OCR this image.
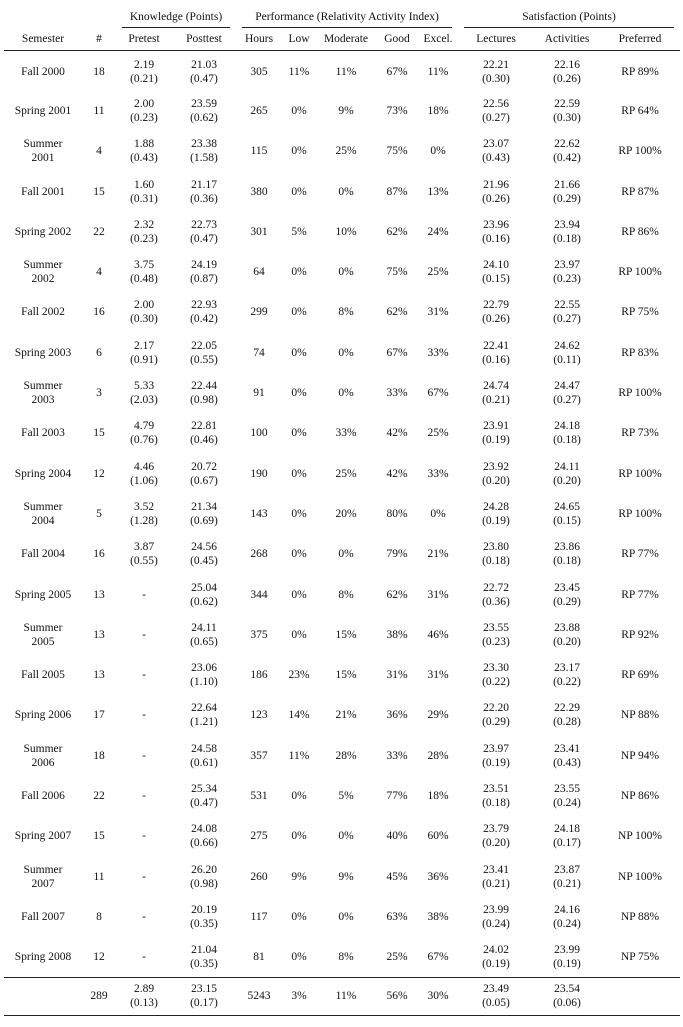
		Knowledge (Points)		Performance (Relativity Activity Index)					Satisfaction (Points)		

Semester	#	Pretest	Posttest	Hours	Low	Moderate	Good	Excel.	Lectures	Activities	Preferred
Fall 2000	18	2.19
(0.21)	21.03
(0.47)	305	11%	11%	67%	11%	22.21
(0.30)	22.16
(0.26)	RP 89%
Spring 2001	11	2.00
(0.23)	23.59
(0.62)	265	0%	9%	73%	18%	22.56
(0.27)	22.59
(0.30)	RP 64%
Summer
2001	4	1.88
(0.43)	23.38
(1.58)	115	0%	25%	75%	0%	23.07
(0.43)	22.62
(0.42)	RP 100%
Fall 2001	15	1.60
(0.31)	21.17
(0.36)	380	0%	0%	87%	13%	21.96
(0.26)	21.66
(0.29)	RP 87%
Spring 2002	22	2.32
(0.23)	22.73
(0.47)	301	5%	10%	62%	24%	23.96
(0.16)	23.94
(0.18)	RP 86%
Summer
2002	4	3.75
(0.48)	24.19
(0.87)	64	0%	0%	75%	25%	24.10
(0.15)	23.97
(0.23)	RP 100%
Fall 2002	16	2.00
(0.30)	22.93
(0.42)	299	0%	8%	62%	31%	22.79
(0.26)	22.55
(0.27)	RP 75%
Spring 2003	6	2.17
(0.91)	22.05
(0.55)	74	0%	0%	67%	33%	22.41
(0.16)	24.62
(0.11)	RP 83%
Summer
2003	3	5.33
(2.03)	22.44
(0.98)	91	0%	0%	33%	67%	24.74
(0.21)	24.47
(0.27)	RP 100%
Fall 2003	15	4.79
(0.76)	22.81
(0.46)	100	0%	33%	42%	25%	23.91
(0.19)	24.18
(0.18)	RP 73%
Spring 2004	12	4.46
(1.06)	20.72
(0.67)	190	0%	25%	42%	33%	23.92
(0.20)	24.11
(0.20)	RP 100%
Summer
2004	5	3.52
(1.28)	21.34
(0.69)	143	0%	20%	80%	0%	24.28
(0.19)	24.65
(0.15)	RP 100%
Fall 2004	16	3.87
(0.55)	24.56
(0.45)	268	0%	0%	79%	21%	23.80
(0.18)	23.86
(0.18)	RP 77%
Spring 2005	13	-	25.04
(0.62)	344	0%	8%	62%	31%	22.72
(0.36)	23.45
(0.29)	RP 77%
Summer
2005	13	-	24.11
(0.65)	375	0%	15%	38%	46%	23.55
(0.23)	23.88
(0.20)	RP 92%
Fall 2005	13	-	23.06
(1.10)	186	23%	15%	31%	31%	23.30
(0.22)	23.17
(0.22)	RP 69%
Spring 2006	17	-	22.64
(1.21)	123	14%	21%	36%	29%	22.20
(0.29)	22.29
(0.28)	NP 88%
Summer
2006	18	-	24.58
(0.61)	357	11%	28%	33%	28%	23.97
(0.19)	23.41
(0.43)	NP 94%
Fall 2006	22	-	25.34
(0.47)	531	0%	5%	77%	18%	23.51
(0.18)	23.55
(0.24)	NP 86%
Spring 2007	15	-	24.08
(0.66)	275	0%	0%	40%	60%	23.79
(0.20)	24.18
(0.17)	NP 100%
Summer
2007	11	-	26.20
(0.98)	260	9%	9%	45%	36%	23.41
(0.21)	23.87
(0.21)	NP 100%
Fall 2007	8	-	20.19
(0.35)	117	0%	0%	63%	38%	23.99
(0.24)	24.16
(0.24)	NP 88%
Spring 2008	12	-	21.04
(0.35)	81	0%	8%	25%	67%	24.02
(0.19)	23.99
(0.19)	NP 75%
	289	2.89
(0.13)	23.15
(0.17)	5243	3%	11%	56%	30%	23.49
(0.05)	23.54
(0.06)	
